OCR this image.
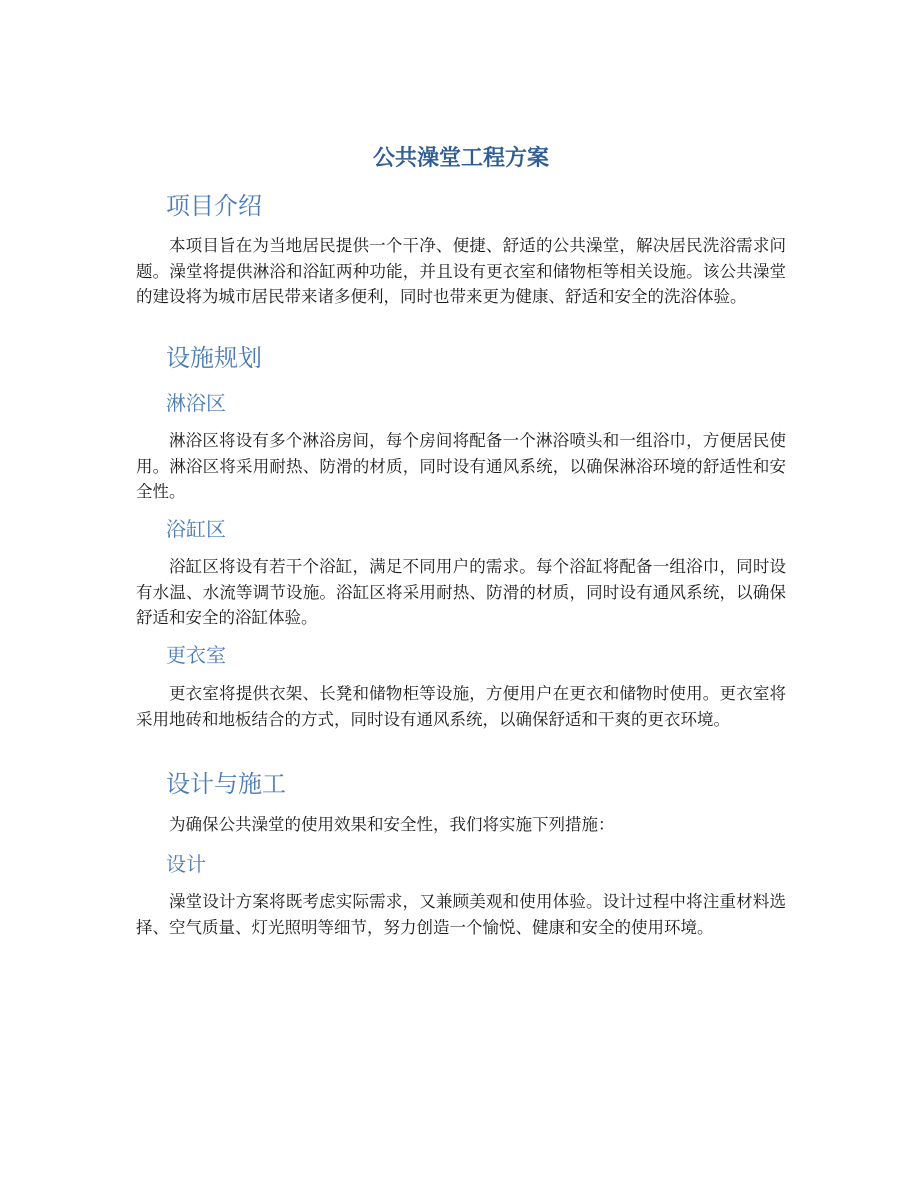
公共澡堂工程方案
项目介绍

本项目旨在为当地居民提供一个干净、便捷、舒适的公共澡堂，解决居民洗浴需求问题。澡堂将提供淋浴和浴缸两种功能，并且设有更衣室和储物柜等相关设施。该公共澡堂的建设将为城市居民带来诸多便利，同时也带来更为健康、舒适和安全的洗浴体验。

设施规划
淋浴区

淋浴区将设有多个淋浴房间，每个房间将配备一个淋浴喷头和一组浴巾，方便居民使用。淋浴区将采用耐热、防滑的材质，同时设有通风系统，以确保淋浴环境的舒适性和安全性。

浴缸区

浴缸区将设有若干个浴缸，满足不同用户的需求。每个浴缸将配备一组浴巾，同时设有水温、水流等调节设施。浴缸区将采用耐热、防滑的材质，同时设有通风系统，以确保舒适和安全的浴缸体验。

更衣室

更衣室将提供衣架、长凳和储物柜等设施，方便用户在更衣和储物时使用。更衣室将采用地砖和地板结合的方式，同时设有通风系统，以确保舒适和干爽的更衣环境。

设计与施工

为确保公共澡堂的使用效果和安全性，我们将实施下列措施：

设计

澡堂设计方案将既考虑实际需求，又兼顾美观和使用体验。设计过程中将注重材料选择、空气质量、灯光照明等细节，努力创造一个愉悦、健康和安全的使用环境。
